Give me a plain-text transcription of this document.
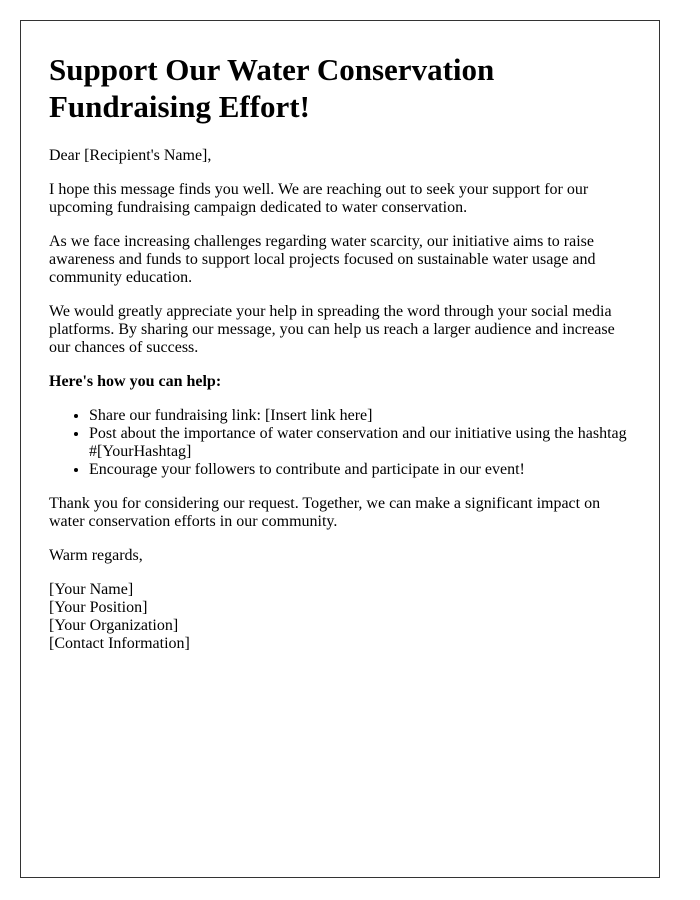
Support Our Water Conservation Fundraising Effort!

Dear [Recipient's Name],

I hope this message finds you well. We are reaching out to seek your support for our upcoming fundraising campaign dedicated to water conservation.

As we face increasing challenges regarding water scarcity, our initiative aims to raise awareness and funds to support local projects focused on sustainable water usage and community education.

We would greatly appreciate your help in spreading the word through your social media platforms. By sharing our message, you can help us reach a larger audience and increase our chances of success.

Here's how you can help:

• Share our fundraising link: [Insert link here]
• Post about the importance of water conservation and our initiative using the hashtag #[YourHashtag]
• Encourage your followers to contribute and participate in our event!

Thank you for considering our request. Together, we can make a significant impact on water conservation efforts in our community.

Warm regards,

[Your Name]
[Your Position]
[Your Organization]
[Contact Information]
